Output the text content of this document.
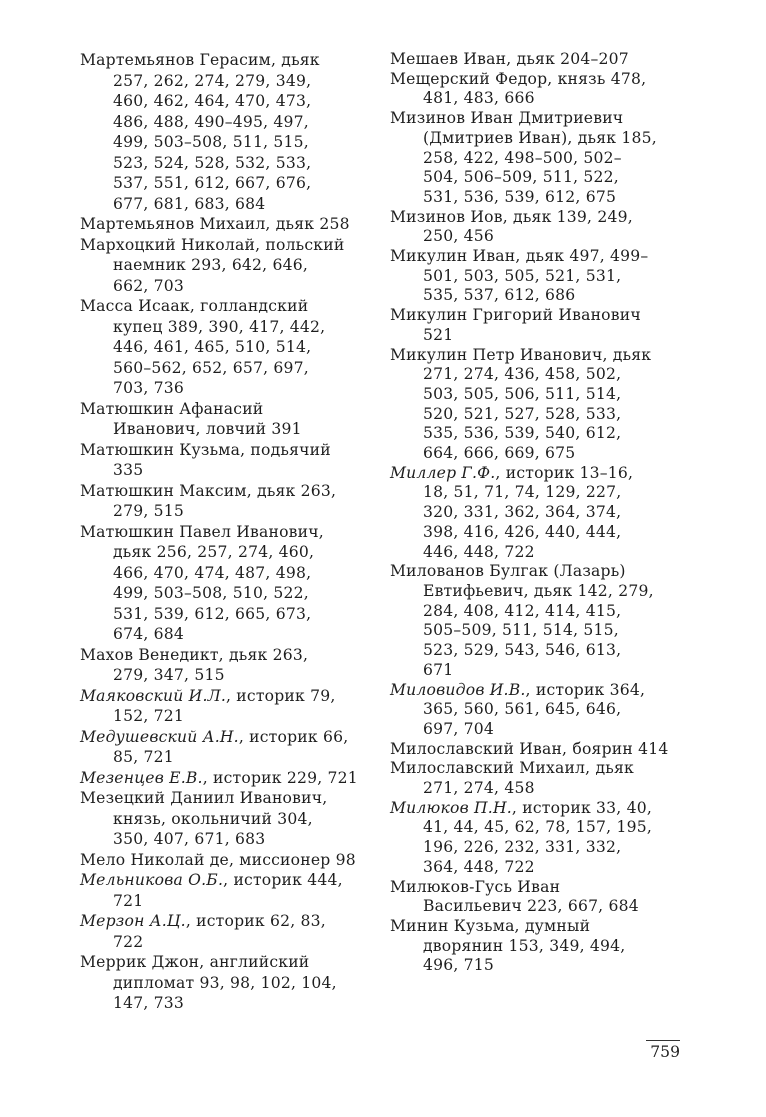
Мартемьянов Герасим, дьяк
257, 262, 274, 279, 349,
460, 462, 464, 470, 473,
486, 488, 490–495, 497,
499, 503–508, 511, 515,
523, 524, 528, 532, 533,
537, 551, 612, 667, 676,
677, 681, 683, 684
Мартемьянов Михаил, дьяк 258
Мархоцкий Николай, польский
наемник 293, 642, 646,
662, 703
Масса Исаак, голландский
купец 389, 390, 417, 442,
446, 461, 465, 510, 514,
560–562, 652, 657, 697,
703, 736
Матюшкин Афанасий
Иванович, ловчий 391
Матюшкин Кузьма, подьячий
335
Матюшкин Максим, дьяк 263,
279, 515
Матюшкин Павел Иванович,
дьяк 256, 257, 274, 460,
466, 470, 474, 487, 498,
499, 503–508, 510, 522,
531, 539, 612, 665, 673,
674, 684
Махов Венедикт, дьяк 263,
279, 347, 515
Маяковский И.Л., историк 79,
152, 721
Медушевский А.Н., историк 66,
85, 721
Мезенцев Е.В., историк 229, 721
Мезецкий Даниил Иванович,
князь, окольничий 304,
350, 407, 671, 683
Мело Николай де, миссионер 98
Мельникова О.Б., историк 444,
721
Мерзон А.Ц., историк 62, 83,
722
Меррик Джон, английский
дипломат 93, 98, 102, 104,
147, 733
Мешаев Иван, дьяк 204–207
Мещерский Федор, князь 478,
481, 483, 666
Мизинов Иван Дмитриевич
(Дмитриев Иван), дьяк 185,
258, 422, 498–500, 502–
504, 506–509, 511, 522,
531, 536, 539, 612, 675
Мизинов Иов, дьяк 139, 249,
250, 456
Микулин Иван, дьяк 497, 499–
501, 503, 505, 521, 531,
535, 537, 612, 686
Микулин Григорий Иванович
521
Микулин Петр Иванович, дьяк
271, 274, 436, 458, 502,
503, 505, 506, 511, 514,
520, 521, 527, 528, 533,
535, 536, 539, 540, 612,
664, 666, 669, 675
Миллер Г.Ф., историк 13–16,
18, 51, 71, 74, 129, 227,
320, 331, 362, 364, 374,
398, 416, 426, 440, 444,
446, 448, 722
Милованов Булгак (Лазарь)
Евтифьевич, дьяк 142, 279,
284, 408, 412, 414, 415,
505–509, 511, 514, 515,
523, 529, 543, 546, 613,
671
Миловидов И.В., историк 364,
365, 560, 561, 645, 646,
697, 704
Милославский Иван, боярин 414
Милославский Михаил, дьяк
271, 274, 458
Милюков П.Н., историк 33, 40,
41, 44, 45, 62, 78, 157, 195,
196, 226, 232, 331, 332,
364, 448, 722
Милюков-Гусь Иван
Васильевич 223, 667, 684
Минин Кузьма, думный
дворянин 153, 349, 494,
496, 715
759
